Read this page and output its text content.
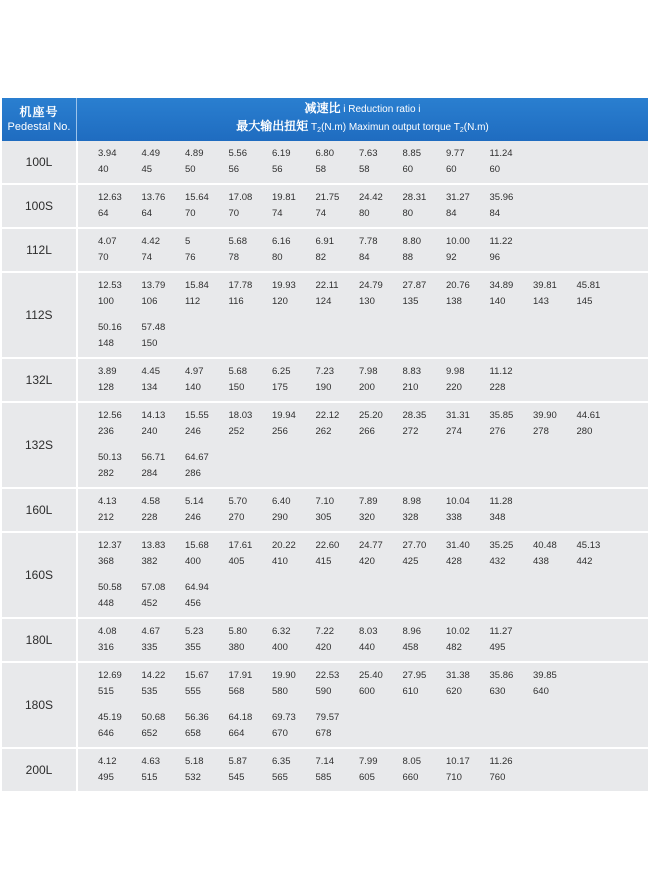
机座号
Pedestal No.
减速比 i Reduction ratio i
最大输出扭矩 $T_2(N.m)$ Maximun output torque $T_2(N.m)$
100L
3.94
40
4.49
45
4.89
50
5.56
56
6.19
56
6.80
58
7.63
58
8.85
60
9.77
60
11.24
60
100S
12.63
64
13.76
64
15.64
70
17.08
70
19.81
74
21.75
74
24.42
80
28.31
80
31.27
84
35.96
84
112L
4.07
70
4.42
74
5
76
5.68
78
6.16
80
6.91
82
7.78
84
8.80
88
10.00
92
11.22
96
112S
12.53
100
13.79
106
15.84
112
17.78
116
19.93
120
22.11
124
24.79
130
27.87
135
20.76
138
34.89
140
39.81
143
45.81
145
50.16
148
57.48
150
132L
3.89
128
4.45
134
4.97
140
5.68
150
6.25
175
7.23
190
7.98
200
8.83
210
9.98
220
11.12
228
132S
12.56
236
14.13
240
15.55
246
18.03
252
19.94
256
22.12
262
25.20
266
28.35
272
31.31
274
35.85
276
39.90
278
44.61
280
50.13
282
56.71
284
64.67
286
160L
4.13
212
4.58
228
5.14
246
5.70
270
6.40
290
7.10
305
7.89
320
8.98
328
10.04
338
11.28
348
160S
12.37
368
13.83
382
15.68
400
17.61
405
20.22
410
22.60
415
24.77
420
27.70
425
31.40
428
35.25
432
40.48
438
45.13
442
50.58
448
57.08
452
64.94
456
180L
4.08
316
4.67
335
5.23
355
5.80
380
6.32
400
7.22
420
8.03
440
8.96
458
10.02
482
11.27
495
180S
12.69
515
14.22
535
15.67
555
17.91
568
19.90
580
22.53
590
25.40
600
27.95
610
31.38
620
35.86
630
39.85
640
45.19
646
50.68
652
56.36
658
64.18
664
69.73
670
79.57
678
200L
4.12
495
4.63
515
5.18
532
5.87
545
6.35
565
7.14
585
7.99
605
8.05
660
10.17
710
11.26
760
